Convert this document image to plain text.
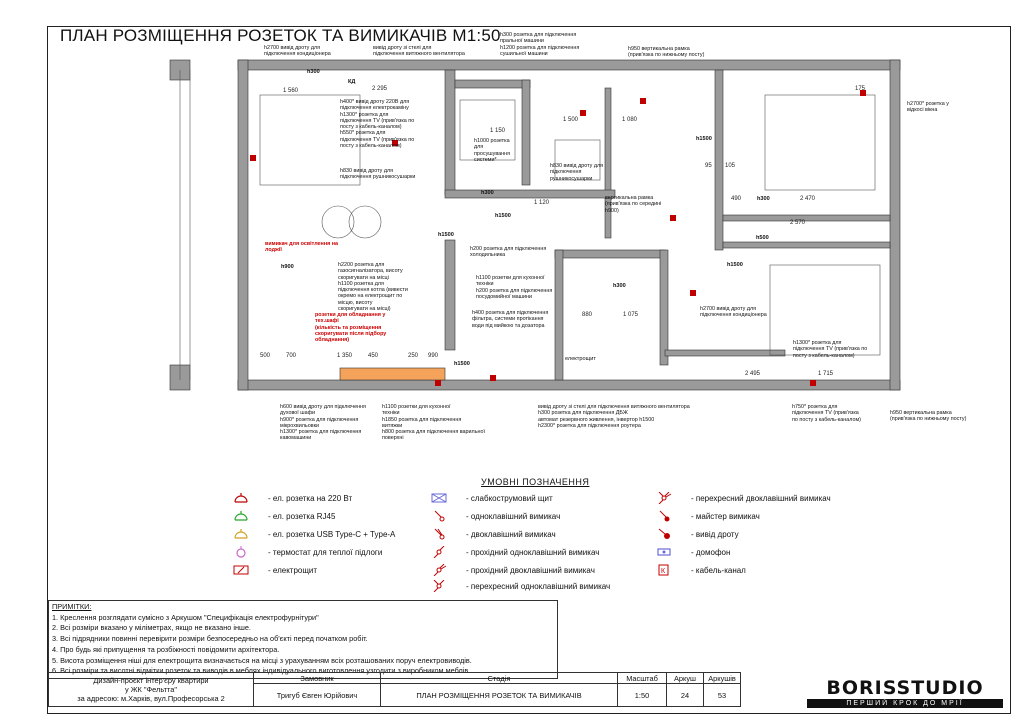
ПЛАН РОЗМІЩЕННЯ РОЗЕТОК ТА ВИМИКАЧІВ М1:50
h2700 вивід дроту для
підключення кондиціонера
вивід дроту зі стелі для
підключення витяжного вентилятора
h300 розетка для підключення
пральної машини
h1200 розетка для підключення
сушильної машини
h950 вертикальна рамка
(прив'язка по нижньому посту)
h400* вивід дроту 220В для
підключення електрокаміну
h1300* розетка для
підключення TV (прив'язка по
посту з кабель-каналом)
h550* розетка для
підключення TV (прив'язка по
посту з кабель-каналом)
h830 вивід дроту для
підключення рушникосушарки
h1000 розетка
для
просушування
системи*
h830 вивід дроту для
підключення
рушникосушарки
вертикальна рамка
(прив'язка по середині
h900)
h2700* розетка у
відкосі вікна
h2200 розетка для
газосигналізатора, висоту
скоригувати на місці
h1100 розетка для
підключення котла (вивести
окремо на електрощит по
місцю, висоту
скоригувати на місці)
h200 розетка для підключення
холодильника
h1100 розетки для кухонної
техніки
h200 розетка для підключення
посудомийної машини
h400 розетка для підключення
фільтра, системи протікання
води під мийкою та дозатора
h2700 вивід дроту для
підключення кондиціонера
h1300* розетка для
підключення TV (прив'язка по
посту з кабель-каналом)
h600 вивід дроту для підключення
духової шафи
h900* розетка для підключення
мікрохвильовки
h1300* розетка для підключення
кавомашини
h1100 розетки для кухонної
техніки
h1850 розетка для підключення
витяжки
h800 розетка для підключення варильної
поверхні
вивід дроту зі стелі для підключення витяжного вентилятора
h300 розетка для підключення ДБЖ
автомат резервного живлення, інвертор h1500
h2300* розетка для підключення роутера
h750* розетка для
підключення TV (прив'язка
по посту з кабель-каналом)
h950 вертикальна рамка
(прив'язка по нижньому посту)
вимикач для освітлення на
лоджії
розетки для обладнання у
тех.шафі
(кількість та розміщення
скоригувати після підбору
обладнання)
1 560	2 295
1 150
1 500	1 080
1 120
2 470
2 570
1 350
880	1 075
2 495	1 715
500	700	450	250 990
175
490
95 105
h300
h900
h1500
h1500
h300
h1500
h500
h300
h1500
h1500
h300
КД
електрощит
УМОВНІ ПОЗНАЧЕННЯ
- ел. розетка на 220 Вт
- ел. розетка RJ45
- ел. розетка USB Type-C + Type-A
- термостат для теплої підлоги
- електрощит
- слабкострумовий щит
- одноклавішний вимикач
- двоклавішний вимикач
- прохідний одноклавішний вимикач
- прохідний двоклавішний вимикач
- перехресний одноклавішний вимикач
- перехресний двоклавішний вимикач
- майстер вимикач
- вивід дроту
- домофон
К	- кабель-канал
ПРИМІТКИ:
1. Креслення розглядати сумісно з Аркушом "Специфікація електрофурнітури"
2. Всі розміри вказано у міліметрах, якщо не вказано інше.
3. Всі підрядники повинні перевірити розміри безпосередньо на об'єкті перед початком робіт.
4. Про будь які припущення та розбіжності повідомити архітектора.
5. Висота розміщення ніші для електрощита визначається на місці з урахуванням всіх розташованих поруч електровиводів.
6. Всі розміри та висотні відмітки розеток та виводів в меблях індивідуального виготовлення узгодити з виробником меблів.
Дизайн-проєкт інтер'єру квартири
у ЖК "Фельтта"
за адресою: м.Харків, вул.Професорська 2	Замовник	Стадія	Масштаб	Аркуш	Аркушів
	Тригуб Євген Юрійович	ПЛАН РОЗМІЩЕННЯ РОЗЕТОК ТА ВИМИКАЧІВ	1:50	24	53	BORISSTUDIO
ПЕРШИЙ КРОК ДО МРІЇ
